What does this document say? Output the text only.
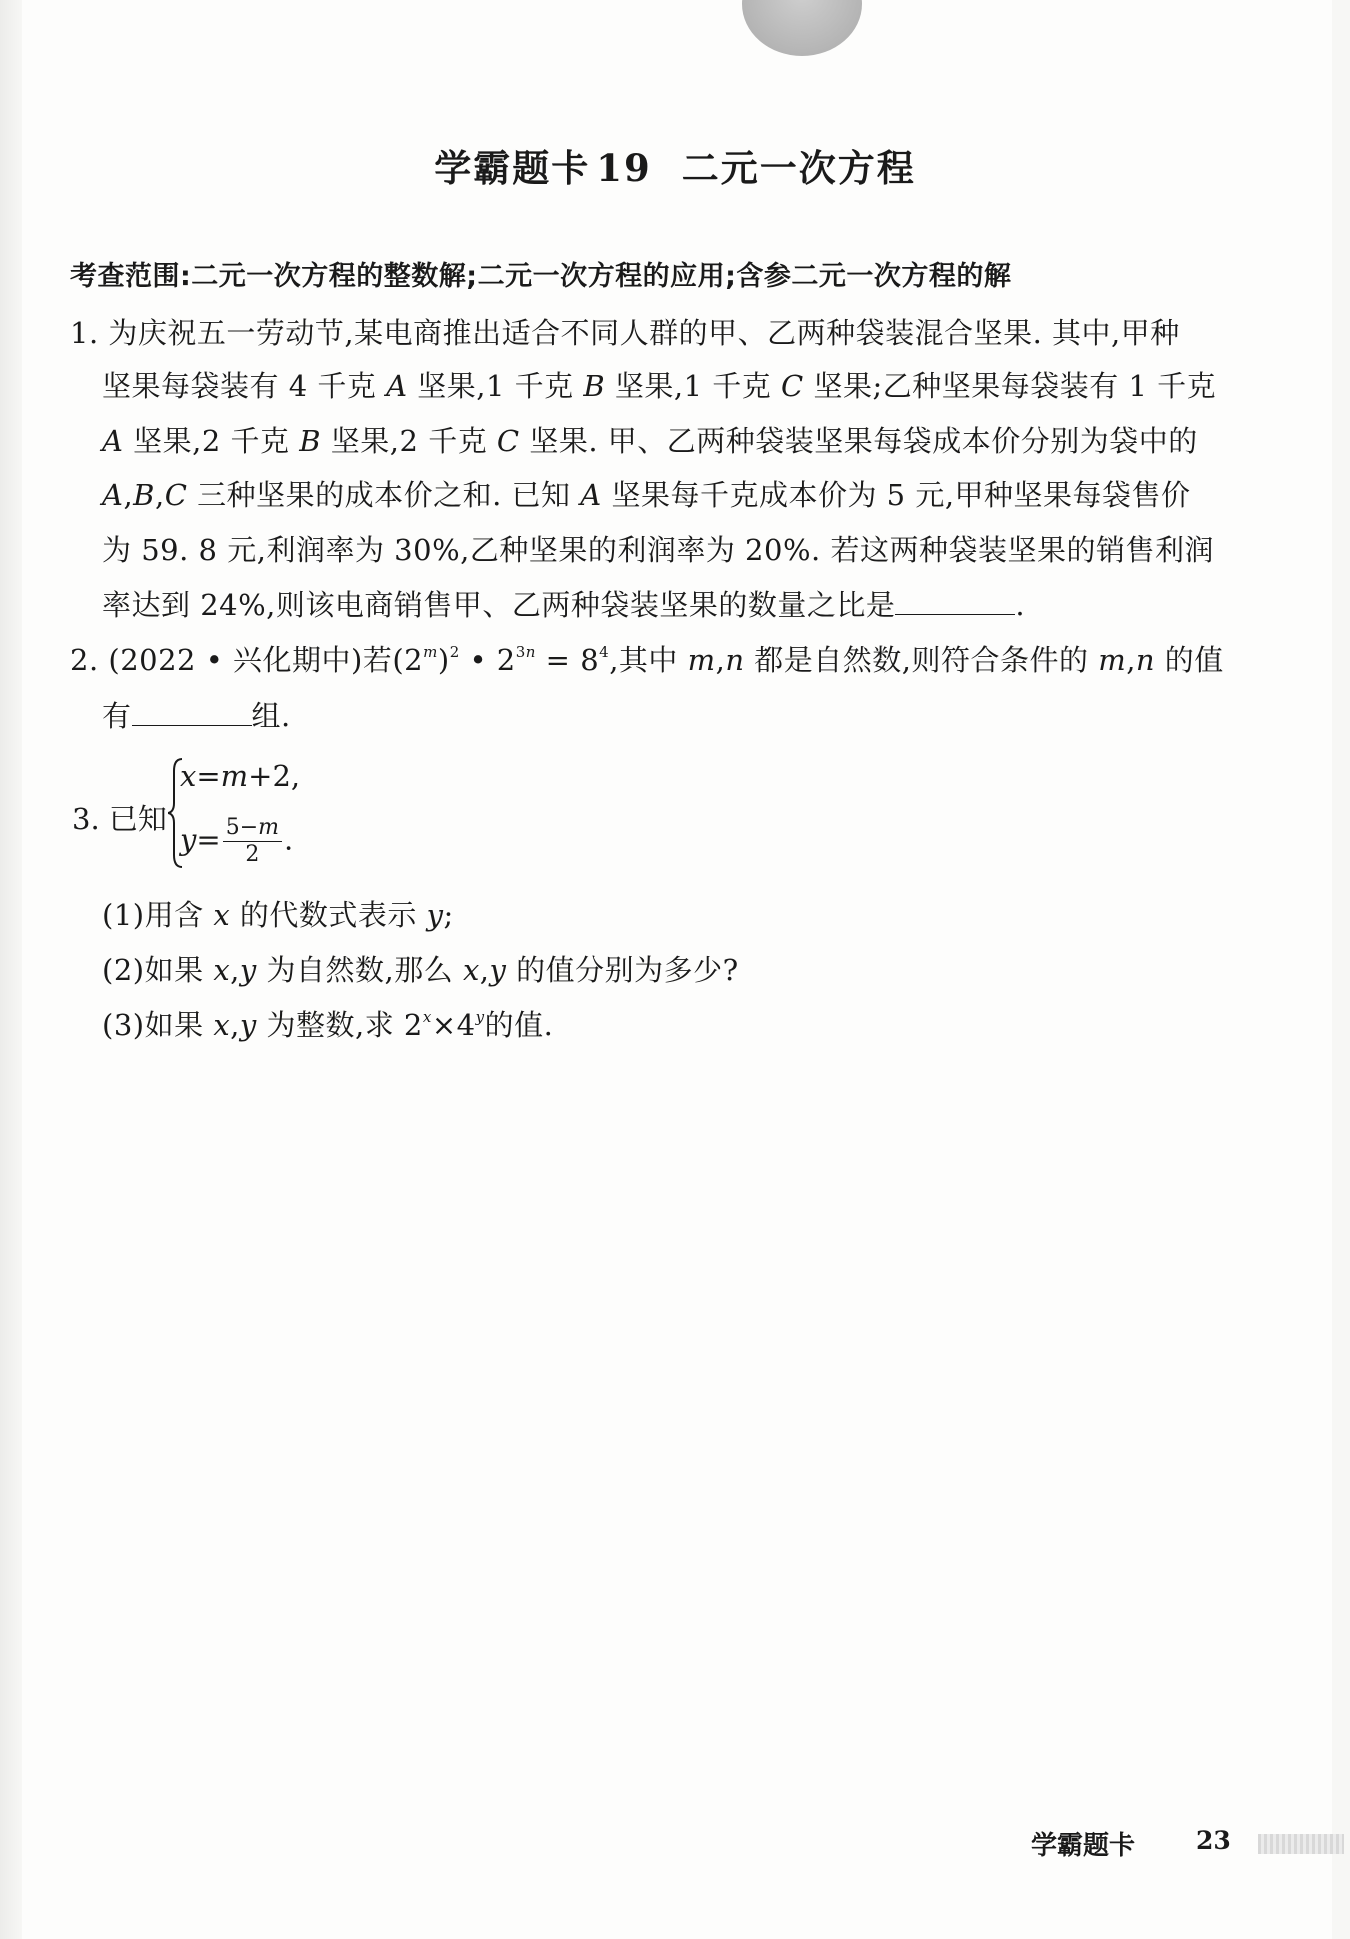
学霸题卡 19 二元一次方程
考查范围:二元一次方程的整数解;二元一次方程的应用;含参二元一次方程的解
1. 为庆祝五一劳动节,某电商推出适合不同人群的甲、乙两种袋装混合坚果. 其中,甲种
坚果每袋装有 4 千克 A 坚果,1 千克 B 坚果,1 千克 C 坚果;乙种坚果每袋装有 1 千克
A 坚果,2 千克 B 坚果,2 千克 C 坚果. 甲、乙两种袋装坚果每袋成本价分别为袋中的
A,B,C 三种坚果的成本价之和. 已知 A 坚果每千克成本价为 5 元,甲种坚果每袋售价
为 59. 8 元,利润率为 30%,乙种坚果的利润率为 20%. 若这两种袋装坚果的销售利润
率达到 24%,则该电商销售甲、乙两种袋装坚果的数量之比是	.
2. (2022 • 兴化期中)若$(2^m)^2$ • $2^{3n} = 8^4$,其中 m,n 都是自然数,则符合条件的 m,n 的值
有	组.
3. 已知
x=m+2,
$y= \frac{5-m}{2}$ .
(1)用含 x 的代数式表示 y;
(2)如果 x,y 为自然数,那么 x,y 的值分别为多少?
(3)如果 x,y 为整数,求 $2^x\times 4^y$的值.
学霸题卡 23
